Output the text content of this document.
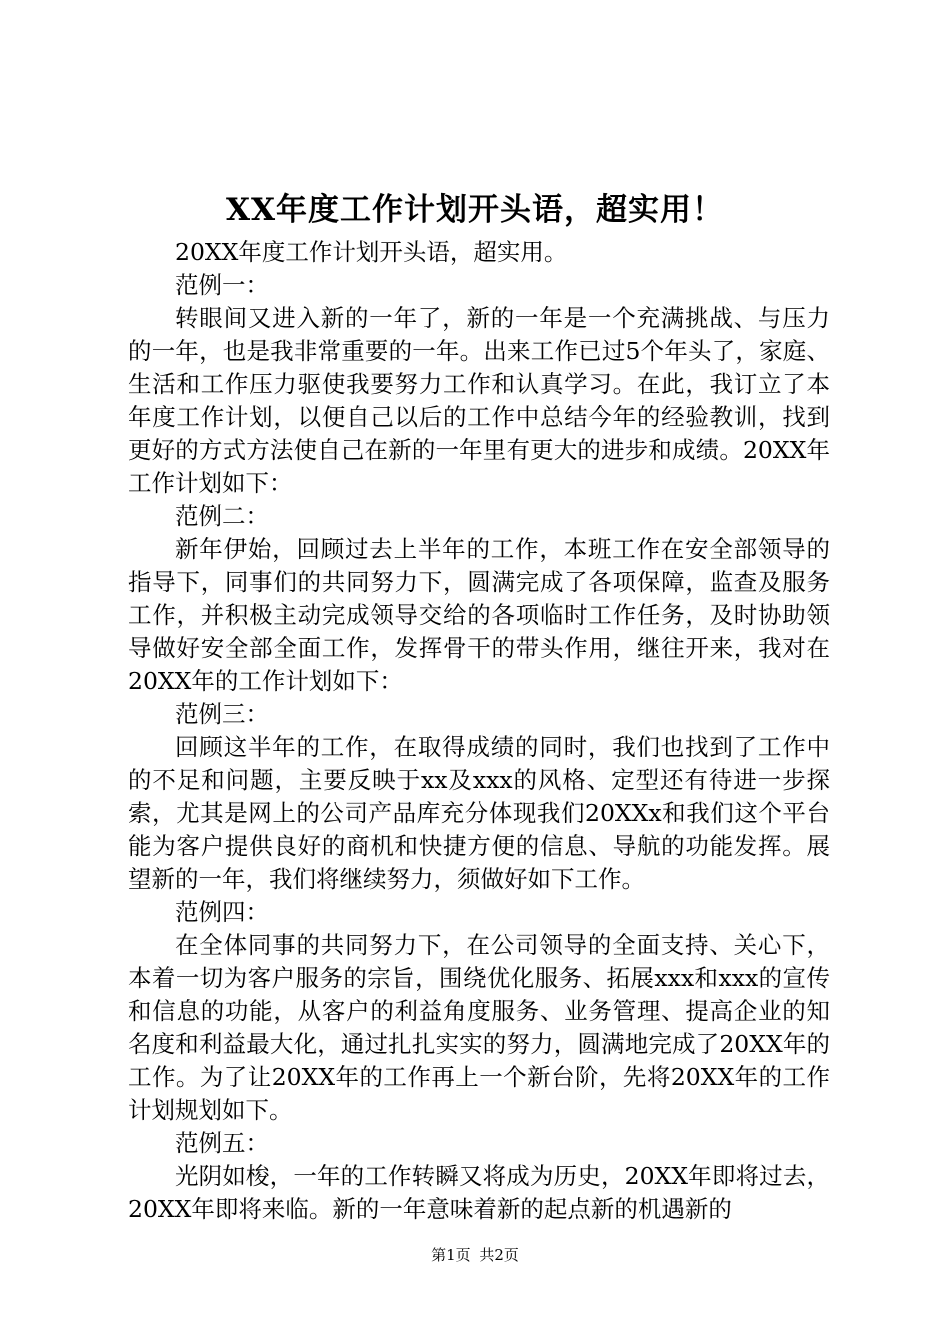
XX年度工作计划开头语，超实用！

20XX年度工作计划开头语，超实用。

范例一：

转眼间又进入新的一年了，新的一年是一个充满挑战、与压力的一年，也是我非常重要的一年。出来工作已过5个年头了，家庭、生活和工作压力驱使我要努力工作和认真学习。在此，我订立了本年度工作计划，以便自己以后的工作中总结今年的经验教训，找到更好的方式方法使自己在新的一年里有更大的进步和成绩。20XX年工作计划如下：

范例二：

新年伊始，回顾过去上半年的工作，本班工作在安全部领导的指导下，同事们的共同努力下，圆满完成了各项保障，监查及服务工作，并积极主动完成领导交给的各项临时工作任务，及时协助领导做好安全部全面工作，发挥骨干的带头作用，继往开来，我对在20XX年的工作计划如下：

范例三：

回顾这半年的工作，在取得成绩的同时，我们也找到了工作中的不足和问题，主要反映于xx及xxx的风格、定型还有待进一步探索，尤其是网上的公司产品库充分体现我们20XXx和我们这个平台能为客户提供良好的商机和快捷方便的信息、导航的功能发挥。展望新的一年，我们将继续努力，须做好如下工作。

范例四：

在全体同事的共同努力下，在公司领导的全面支持、关心下，本着一切为客户服务的宗旨，围绕优化服务、拓展xxx和xxx的宣传和信息的功能，从客户的利益角度服务、业务管理、提高企业的知名度和利益最大化，通过扎扎实实的努力，圆满地完成了20XX年的工作。为了让20XX年的工作再上一个新台阶，先将20XX年的工作计划规划如下。

范例五：

光阴如梭，一年的工作转瞬又将成为历史，20XX年即将过去，20XX年即将来临。新的一年意味着新的起点新的机遇新的

第1页 共2页
